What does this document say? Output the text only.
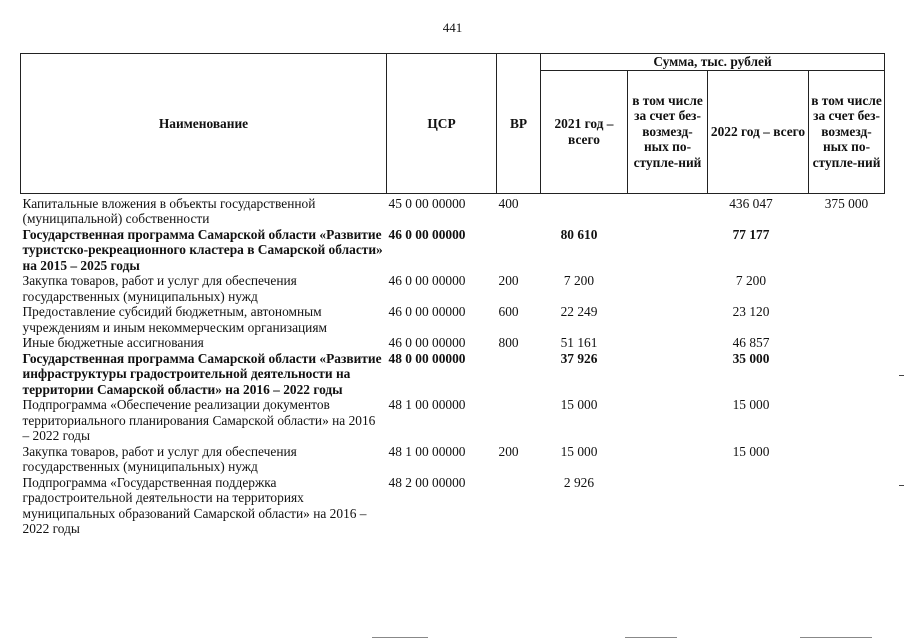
441
Наименование	ЦСР	ВР	Сумма, тыс. рублей			
			2021 год – всего	в том числе за счет без-возмезд-ных по-ступле-ний	2022 год – всего	в том числе за счет без-возмезд-ных по-ступле-ний
Капитальные вложения в объекты государственной (муниципальной) собственности	45 0 00 00000	400			436 047	375 000
Государственная программа Самарской области «Развитие туристско-рекреационного кластера в Самарской области» на 2015 – 2025 годы	46 0 00 00000		80 610		77 177	
Закупка товаров, работ и услуг для обеспечения государственных (муниципальных) нужд	46 0 00 00000	200	7 200		7 200	
Предоставление субсидий бюджетным, автономным учреждениям и иным некоммерческим организациям	46 0 00 00000	600	22 249		23 120	
Иные бюджетные ассигнования	46 0 00 00000	800	51 161		46 857	
Государственная программа Самарской области «Развитие инфраструктуры градостроительной деятельности на территории Самарской области» на 2016 – 2022 годы	48 0 00 00000		37 926		35 000	
Подпрограмма «Обеспечение реализации документов территориального планирования Самарской области» на 2016 – 2022 годы	48 1 00 00000		15 000		15 000	
Закупка товаров, работ и услуг для обеспечения государственных (муниципальных) нужд	48 1 00 00000	200	15 000		15 000	
Подпрограмма «Государственная поддержка градостроительной деятельности на территориях муниципальных образований Самарской области» на 2016 – 2022 годы	48 2 00 00000		2 926			
